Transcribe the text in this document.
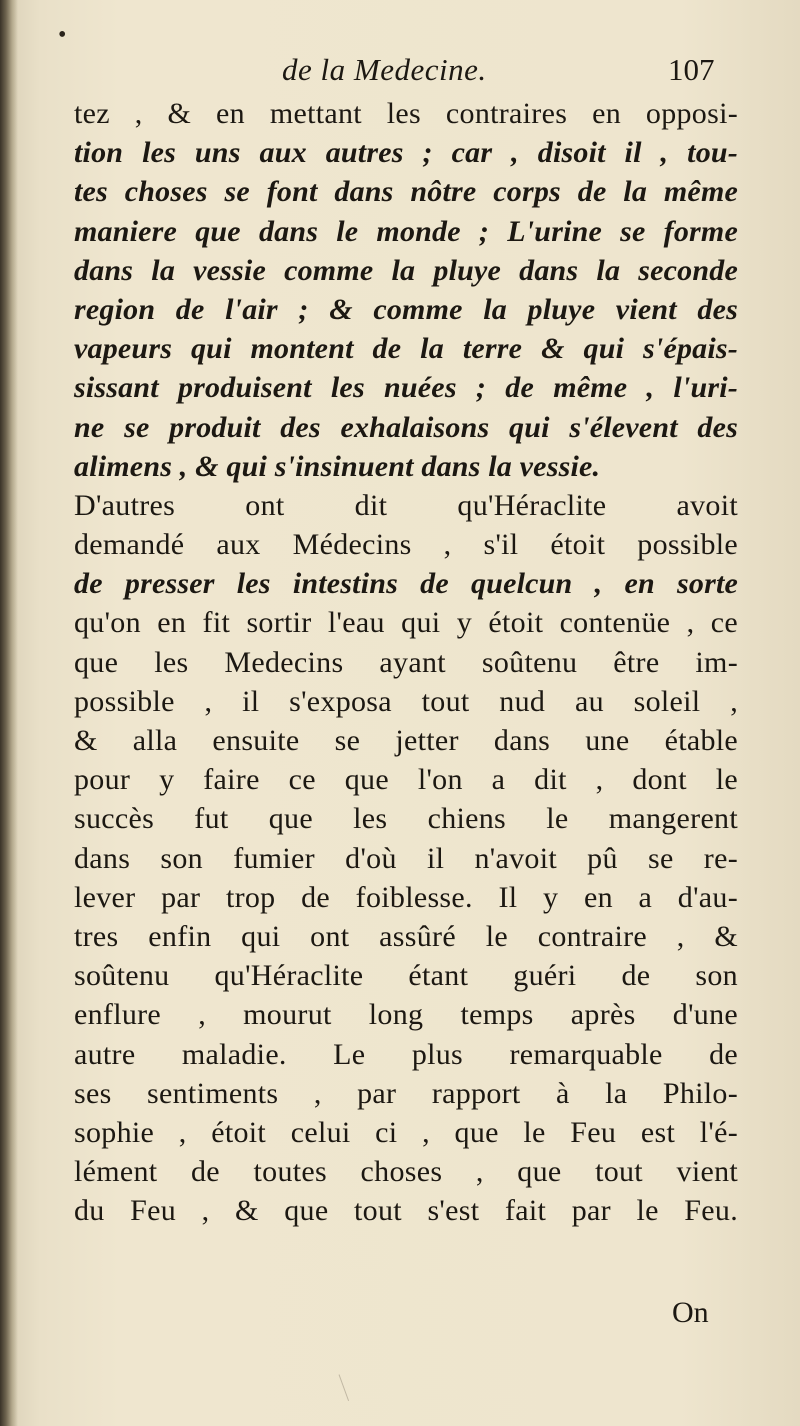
•
de la Medecine.	107
tez , & en mettant les contraires en opposi-
tion les uns aux autres ; car , disoit il , tou-
tes choses se font dans nôtre corps de la même
maniere que dans le monde ; L'urine se forme
dans la vessie comme la pluye dans la seconde
region de l'air ; & comme la pluye vient des
vapeurs qui montent de la terre & qui s'épais-
sissant produisent les nuées ; de même , l'uri-
ne se produit des exhalaisons qui s'élevent des
alimens , & qui s'insinuent dans la vessie.
D'autres ont dit qu'Héraclite avoit
demandé aux Médecins , s'il étoit possible
de presser les intestins de quelcun , en sorte
qu'on en fit sortir l'eau qui y étoit contenüe , ce
que les Medecins ayant soûtenu être im-
possible , il s'exposa tout nud au soleil ,
& alla ensuite se jetter dans une étable
pour y faire ce que l'on a dit , dont le
succès fut que les chiens le mangerent
dans son fumier d'où il n'avoit pû se re-
lever par trop de foiblesse. Il y en a d'au-
tres enfin qui ont assûré le contraire , &
soûtenu qu'Héraclite étant guéri de son
enflure , mourut long temps après d'une
autre maladie. Le plus remarquable de
ses sentiments , par rapport à la Philo-
sophie , étoit celui ci , que le Feu est l'é-
lément de toutes choses , que tout vient
du Feu , & que tout s'est fait par le Feu.
On
